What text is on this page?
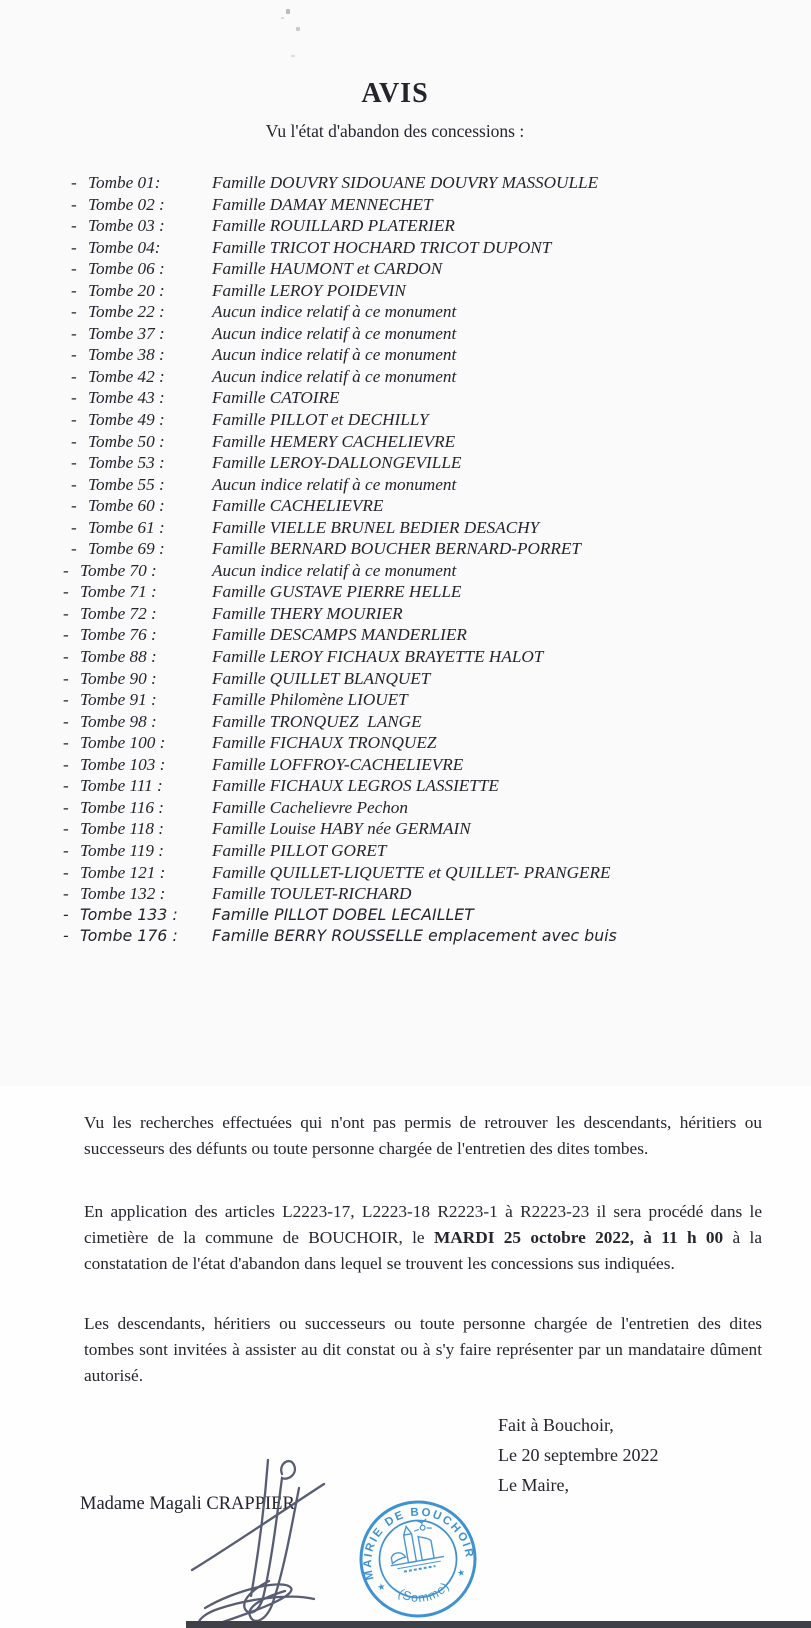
AVIS
Vu l'état d'abandon des concessions :
- Tombe 01:	Famille DOUVRY SIDOUANE DOUVRY MASSOULLE
- Tombe 02 :	Famille DAMAY MENNECHET
- Tombe 03 :	Famille ROUILLARD PLATERIER
- Tombe 04:	Famille TRICOT HOCHARD TRICOT DUPONT
- Tombe 06 :	Famille HAUMONT et CARDON
- Tombe 20 :	Famille LEROY POIDEVIN
- Tombe 22 :	Aucun indice relatif à ce monument
- Tombe 37 :	Aucun indice relatif à ce monument
- Tombe 38 :	Aucun indice relatif à ce monument
- Tombe 42 :	Aucun indice relatif à ce monument
- Tombe 43 :	Famille CATOIRE
- Tombe 49 :	Famille PILLOT et DECHILLY
- Tombe 50 :	Famille HEMERY CACHELIEVRE
- Tombe 53 :	Famille LEROY-DALLONGEVILLE
- Tombe 55 :	Aucun indice relatif à ce monument
- Tombe 60 :	Famille CACHELIEVRE
- Tombe 61 :	Famille VIELLE BRUNEL BEDIER DESACHY
- Tombe 69 :	Famille BERNARD BOUCHER BERNARD-PORRET
- Tombe 70 :	Aucun indice relatif à ce monument
- Tombe 71 :	Famille GUSTAVE PIERRE HELLE
- Tombe 72 :	Famille THERY MOURIER
- Tombe 76 :	Famille DESCAMPS MANDERLIER
- Tombe 88 :	Famille LEROY FICHAUX BRAYETTE HALOT
- Tombe 90 :	Famille QUILLET BLANQUET
- Tombe 91 :	Famille Philomène LIOUET
- Tombe 98 :	Famille TRONQUEZ  LANGE
- Tombe 100 :	Famille FICHAUX TRONQUEZ
- Tombe 103 :	Famille LOFFROY-CACHELIEVRE
- Tombe 111 :	Famille FICHAUX LEGROS LASSIETTE
- Tombe 116 :	Famille Cachelievre Pechon
- Tombe 118 :	Famille Louise HABY née GERMAIN
- Tombe 119 :	Famille PILLOT GORET
- Tombe 121 :	Famille QUILLET-LIQUETTE et QUILLET- PRANGERE
- Tombe 132 :	Famille TOULET-RICHARD
- Tombe 133 :	Famille PILLOT DOBEL LECAILLET
- Tombe 176 :	Famille BERRY ROUSSELLE emplacement avec buis
Vu les recherches effectuées qui n'ont pas permis de retrouver les descendants, héritiers ou successeurs des défunts ou toute personne chargée de l'entretien des dites tombes.
En application des articles L2223-17, L2223-18 R2223-1 à R2223-23 il sera procédé dans le cimetière de la commune de BOUCHOIR, le MARDI 25 octobre 2022, à 11 h 00 à la constatation de l'état d'abandon dans lequel se trouvent les concessions sus indiquées.
Les descendants, héritiers ou successeurs ou toute personne chargée de l'entretien des dites tombes sont invitées à assister au dit constat ou à s'y faire représenter par un mandataire dûment autorisé.
Fait à Bouchoir,
Le 20 septembre 2022
Le Maire,
Madame Magali CRAPPIER
MAIRIE DE BOUCHOIR
(Somme)
★
★
